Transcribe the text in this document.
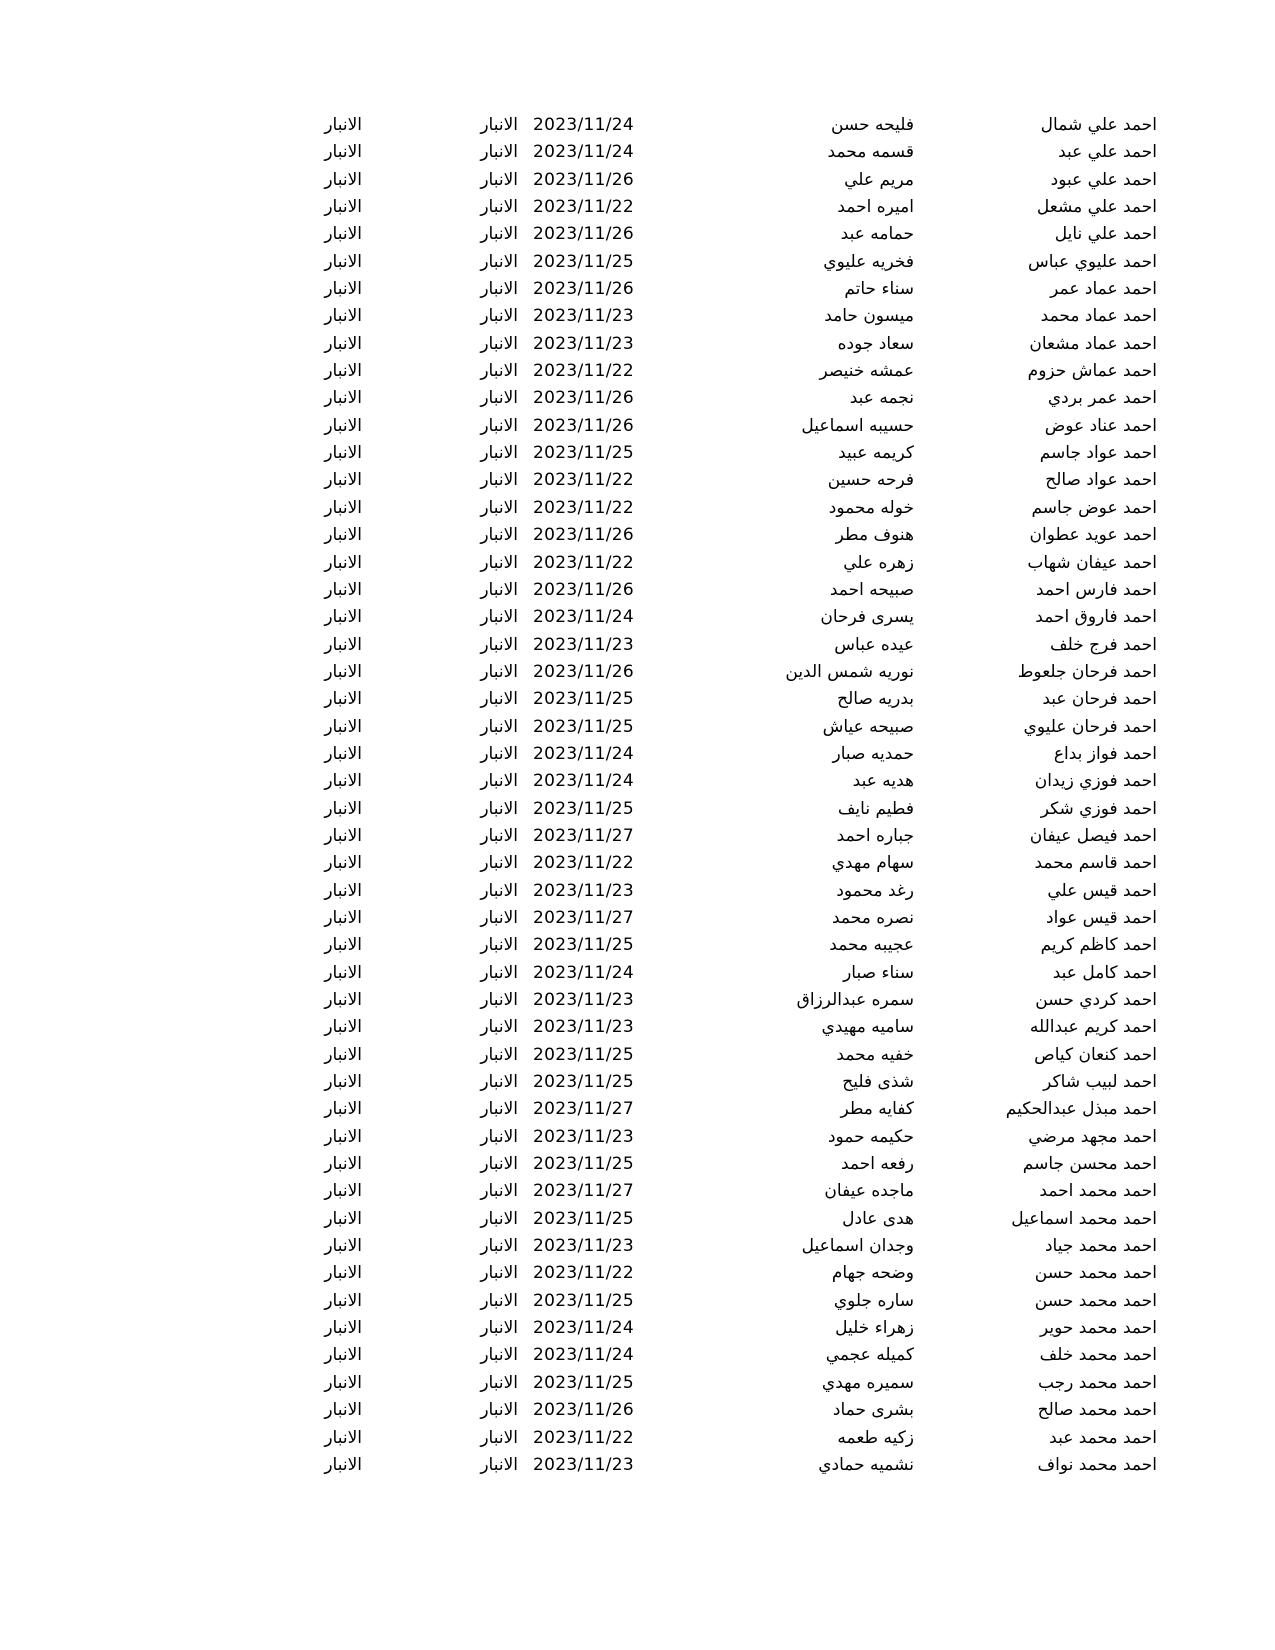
احمد علي شمال
فليحه حسن
2023/11/24
الانبار
الانبار
احمد علي عبد
قسمه محمد
2023/11/24
الانبار
الانبار
احمد علي عبود
مريم علي
2023/11/26
الانبار
الانبار
احمد علي مشعل
اميره احمد
2023/11/22
الانبار
الانبار
احمد علي نايل
حمامه عبد
2023/11/26
الانبار
الانبار
احمد عليوي عباس
فخريه عليوي
2023/11/25
الانبار
الانبار
احمد عماد عمر
سناء حاتم
2023/11/26
الانبار
الانبار
احمد عماد محمد
ميسون حامد
2023/11/23
الانبار
الانبار
احمد عماد مشعان
سعاد جوده
2023/11/23
الانبار
الانبار
احمد عماش حزوم
عمشه خنيصر
2023/11/22
الانبار
الانبار
احمد عمر بردي
نجمه عبد
2023/11/26
الانبار
الانبار
احمد عناد عوض
حسيبه اسماعيل
2023/11/26
الانبار
الانبار
احمد عواد جاسم
كريمه عبيد
2023/11/25
الانبار
الانبار
احمد عواد صالح
فرحه حسين
2023/11/22
الانبار
الانبار
احمد عوض جاسم
خوله محمود
2023/11/22
الانبار
الانبار
احمد عويد عطوان
هنوف مطر
2023/11/26
الانبار
الانبار
احمد عيفان شهاب
زهره علي
2023/11/22
الانبار
الانبار
احمد فارس احمد
صبيحه احمد
2023/11/26
الانبار
الانبار
احمد فاروق احمد
يسرى فرحان
2023/11/24
الانبار
الانبار
احمد فرج خلف
عيده عباس
2023/11/23
الانبار
الانبار
احمد فرحان جلعوط
نوريه شمس الدين
2023/11/26
الانبار
الانبار
احمد فرحان عبد
بدريه صالح
2023/11/25
الانبار
الانبار
احمد فرحان عليوي
صبيحه عياش
2023/11/25
الانبار
الانبار
احمد فواز بداع
حمديه صبار
2023/11/24
الانبار
الانبار
احمد فوزي زيدان
هديه عبد
2023/11/24
الانبار
الانبار
احمد فوزي شكر
فطيم نايف
2023/11/25
الانبار
الانبار
احمد فيصل عيفان
جباره احمد
2023/11/27
الانبار
الانبار
احمد قاسم محمد
سهام مهدي
2023/11/22
الانبار
الانبار
احمد قيس علي
رغد محمود
2023/11/23
الانبار
الانبار
احمد قيس عواد
نصره محمد
2023/11/27
الانبار
الانبار
احمد كاظم كريم
عجيبه محمد
2023/11/25
الانبار
الانبار
احمد كامل عبد
سناء صبار
2023/11/24
الانبار
الانبار
احمد كردي حسن
سمره عبدالرزاق
2023/11/23
الانبار
الانبار
احمد كريم عبدالله
ساميه مهيدي
2023/11/23
الانبار
الانبار
احمد كنعان كياص
خفيه محمد
2023/11/25
الانبار
الانبار
احمد لبيب شاكر
شذى فليح
2023/11/25
الانبار
الانبار
احمد مبذل عبدالحكيم
كفايه مطر
2023/11/27
الانبار
الانبار
احمد مجهد مرضي
حكيمه حمود
2023/11/23
الانبار
الانبار
احمد محسن جاسم
رفعه احمد
2023/11/25
الانبار
الانبار
احمد محمد احمد
ماجده عيفان
2023/11/27
الانبار
الانبار
احمد محمد اسماعيل
هدى عادل
2023/11/25
الانبار
الانبار
احمد محمد جياد
وجدان اسماعيل
2023/11/23
الانبار
الانبار
احمد محمد حسن
وضحه جهام
2023/11/22
الانبار
الانبار
احمد محمد حسن
ساره جلوي
2023/11/25
الانبار
الانبار
احمد محمد حوير
زهراء خليل
2023/11/24
الانبار
الانبار
احمد محمد خلف
كميله عجمي
2023/11/24
الانبار
الانبار
احمد محمد رجب
سميره مهدي
2023/11/25
الانبار
الانبار
احمد محمد صالح
بشرى حماد
2023/11/26
الانبار
الانبار
احمد محمد عبد
زكيه طعمه
2023/11/22
الانبار
الانبار
احمد محمد نواف
نشميه حمادي
2023/11/23
الانبار
الانبار
